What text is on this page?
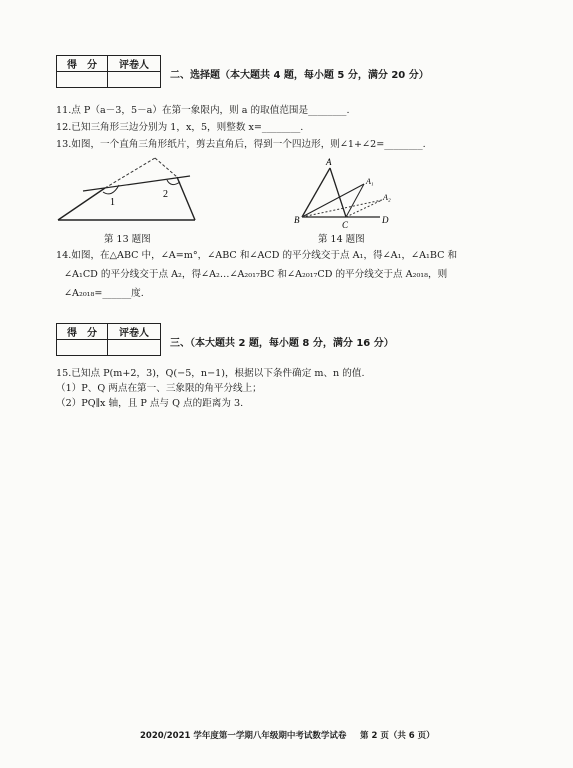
得　分	评卷人

二、选择题（本大题共 4 题，每小题 5 分，满分 20 分）
11.点 P（a－3，5－a）在第一象限内，则 a 的取值范围是________.
12.已知三角形三边分别为 1，x，5，则整数 x=________.
13.如图，一个直角三角形纸片，剪去直角后，得到一个四边形，则∠1+∠2=________.
1
2
第 13 题图
A
A₁
A₂
B	C	D
第 14 题图
14.如图，在△ABC 中，∠A=m°，∠ABC 和∠ACD 的平分线交于点 A₁，得∠A₁，∠A₁BC 和
∠A₁CD 的平分线交于点 A₂，得∠A₂…∠A₂₀₁₇BC 和∠A₂₀₁₇CD 的平分线交于点 A₂₀₁₈，则
∠A₂₀₁₈=______度.
得　分	评卷人

三、（本大题共 2 题，每小题 8 分，满分 16 分）
15.已知点 P(m+2，3)，Q(−5，n−1)，根据以下条件确定 m、n 的值.
（1）P、Q 两点在第一、三象限的角平分线上；
（2）PQ∥x 轴，且 P 点与 Q 点的距离为 3.
2020/2021 学年度第一学期八年级期中考试数学试卷 第 2 页（共 6 页）
